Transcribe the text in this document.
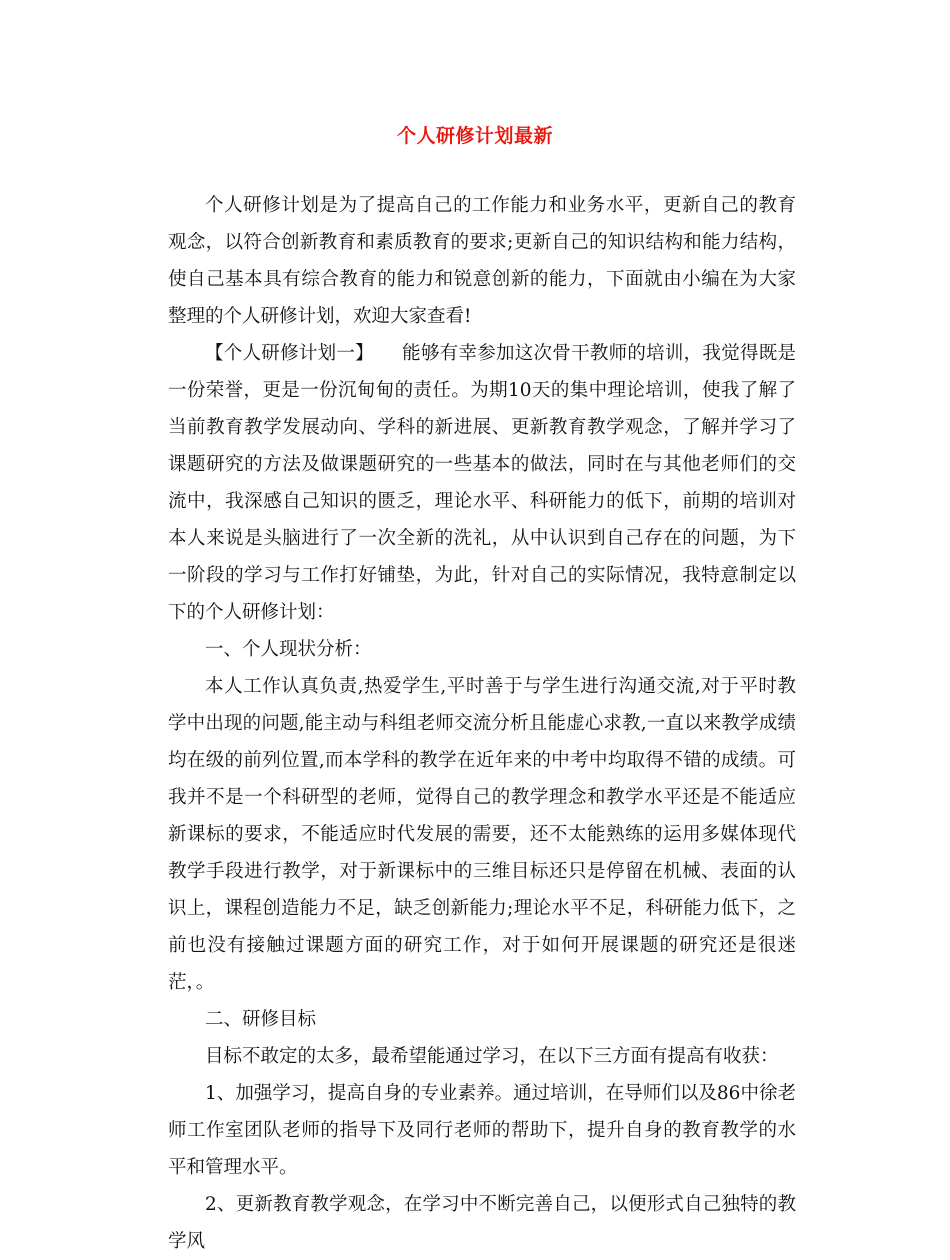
个人研修计划最新

个人研修计划是为了提高自己的工作能力和业务水平，更新自己的教育观念，以符合创新教育和素质教育的要求;更新自己的知识结构和能力结构，使自己基本具有综合教育的能力和锐意创新的能力，下面就由小编在为大家整理的个人研修计划，欢迎大家查看!

【个人研修计划一】　　能够有幸参加这次骨干教师的培训，我觉得既是一份荣誉，更是一份沉甸甸的责任。为期10天的集中理论培训，使我了解了当前教育教学发展动向、学科的新进展、更新教育教学观念，了解并学习了课题研究的方法及做课题研究的一些基本的做法，同时在与其他老师们的交流中，我深感自己知识的匮乏，理论水平、科研能力的低下，前期的培训对本人来说是头脑进行了一次全新的洗礼，从中认识到自己存在的问题，为下一阶段的学习与工作打好铺垫，为此，针对自己的实际情况，我特意制定以下的个人研修计划：

一、个人现状分析：

本人工作认真负责,热爱学生,平时善于与学生进行沟通交流,对于平时教学中出现的问题,能主动与科组老师交流分析且能虚心求教,一直以来教学成绩均在级的前列位置,而本学科的教学在近年来的中考中均取得不错的成绩。可我并不是一个科研型的老师，觉得自己的教学理念和教学水平还是不能适应新课标的要求，不能适应时代发展的需要，还不太能熟练的运用多媒体现代教学手段进行教学，对于新课标中的三维目标还只是停留在机械、表面的认识上，课程创造能力不足，缺乏创新能力;理论水平不足，科研能力低下，之前也没有接触过课题方面的研究工作，对于如何开展课题的研究还是很迷茫，。

二、研修目标

目标不敢定的太多，最希望能通过学习，在以下三方面有提高有收获：

1、加强学习，提高自身的专业素养。通过培训，在导师们以及86中徐老师工作室团队老师的指导下及同行老师的帮助下，提升自身的教育教学的水平和管理水平。

2、更新教育教学观念，在学习中不断完善自己，以便形式自己独特的教学风
